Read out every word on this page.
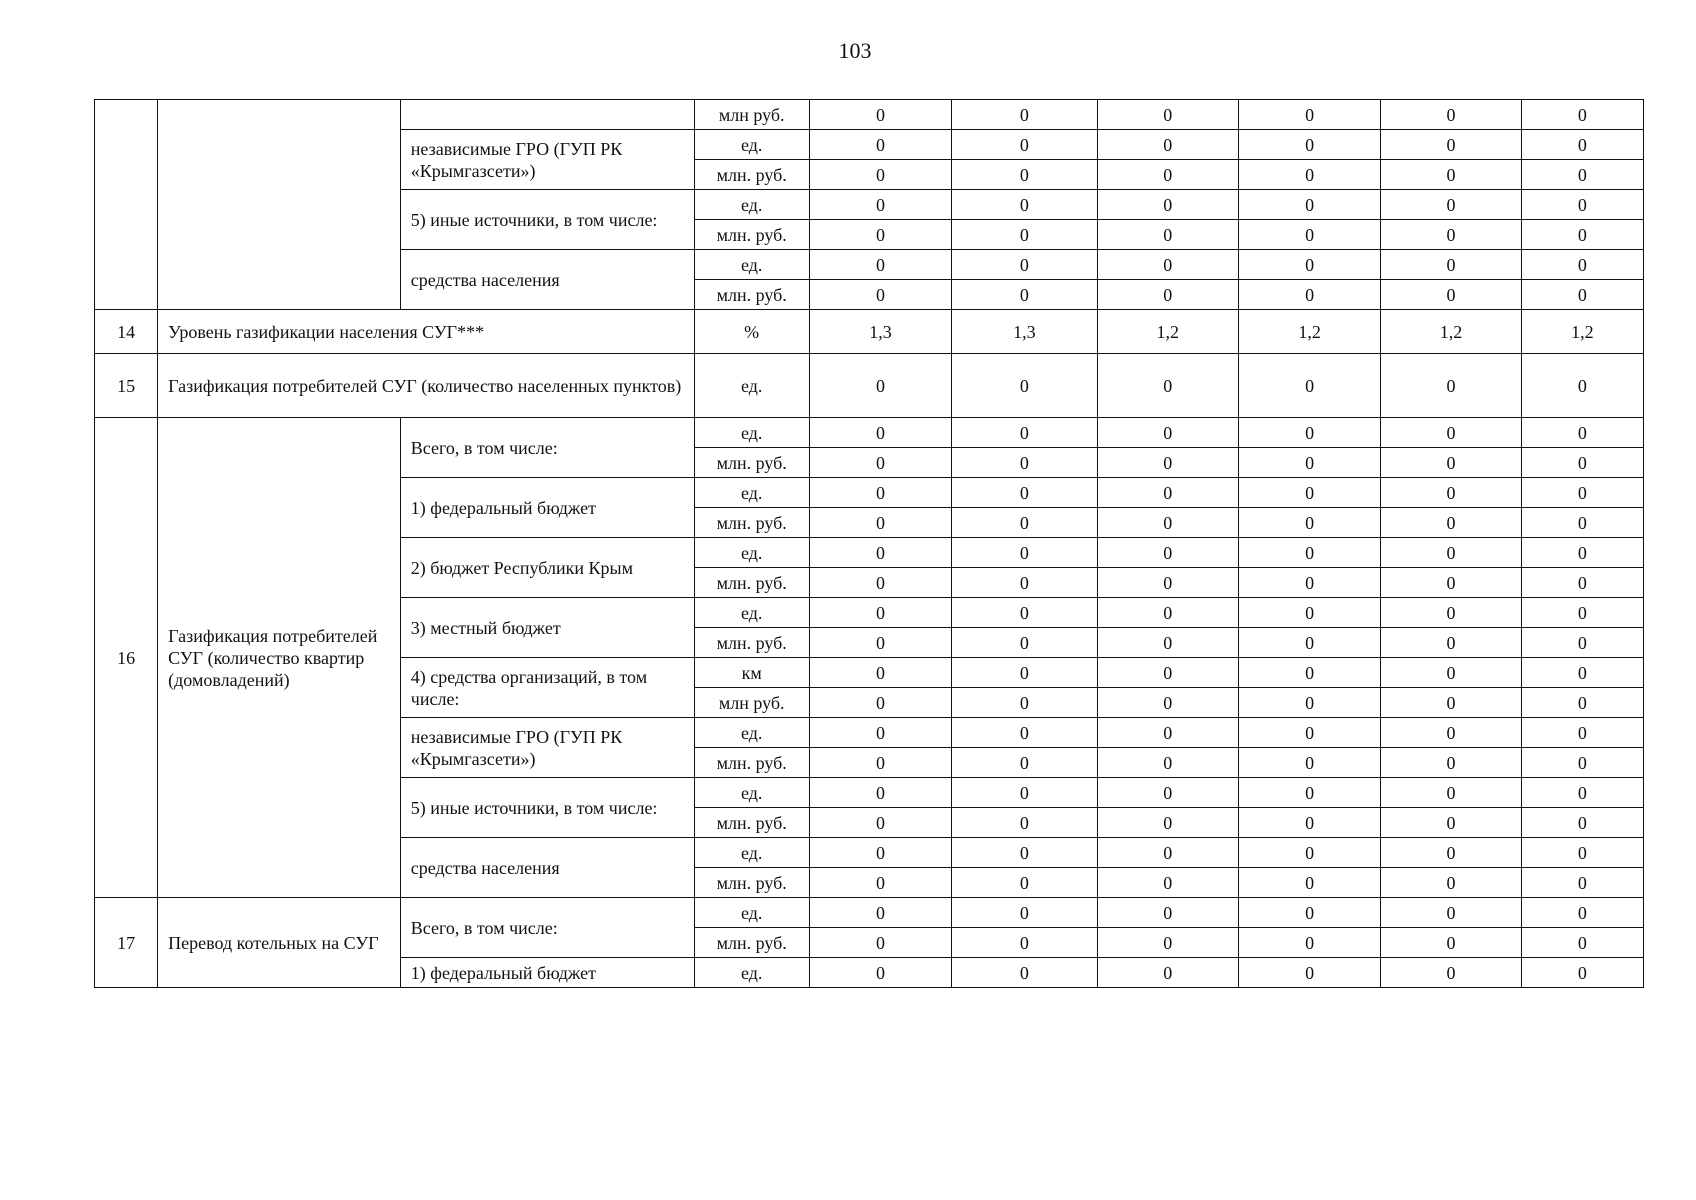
103
			млн руб.	0	0	0	0	0	0
		независимые ГРО (ГУП РК «Крымгазсети»)	ед.	0	0	0	0	0	0
			млн. руб.	0	0	0	0	0	0
		5) иные источники, в том числе:	ед.	0	0	0	0	0	0
			млн. руб.	0	0	0	0	0	0
		средства населения	ед.	0	0	0	0	0	0
			млн. руб.	0	0	0	0	0	0
14	Уровень газификации населения СУГ***		%	1,3	1,3	1,2	1,2	1,2	1,2
15	Газификация потребителей СУГ (количество населенных пунктов)		ед.	0	0	0	0	0	0
16	Газификация потребителей СУГ (количество квартир (домовладений)	Всего, в том числе:	ед.	0	0	0	0	0	0
			млн. руб.	0	0	0	0	0	0
		1) федеральный бюджет	ед.	0	0	0	0	0	0
			млн. руб.	0	0	0	0	0	0
		2) бюджет Республики Крым	ед.	0	0	0	0	0	0
			млн. руб.	0	0	0	0	0	0
		3) местный бюджет	ед.	0	0	0	0	0	0
			млн. руб.	0	0	0	0	0	0
		4) средства организаций, в том числе:	км	0	0	0	0	0	0
			млн руб.	0	0	0	0	0	0
		независимые ГРО (ГУП РК «Крымгазсети»)	ед.	0	0	0	0	0	0
			млн. руб.	0	0	0	0	0	0
		5) иные источники, в том числе:	ед.	0	0	0	0	0	0
			млн. руб.	0	0	0	0	0	0
		средства населения	ед.	0	0	0	0	0	0
			млн. руб.	0	0	0	0	0	0
17	Перевод котельных на СУГ	Всего, в том числе:	ед.	0	0	0	0	0	0
			млн. руб.	0	0	0	0	0	0
		1) федеральный бюджет	ед.	0	0	0	0	0	0
